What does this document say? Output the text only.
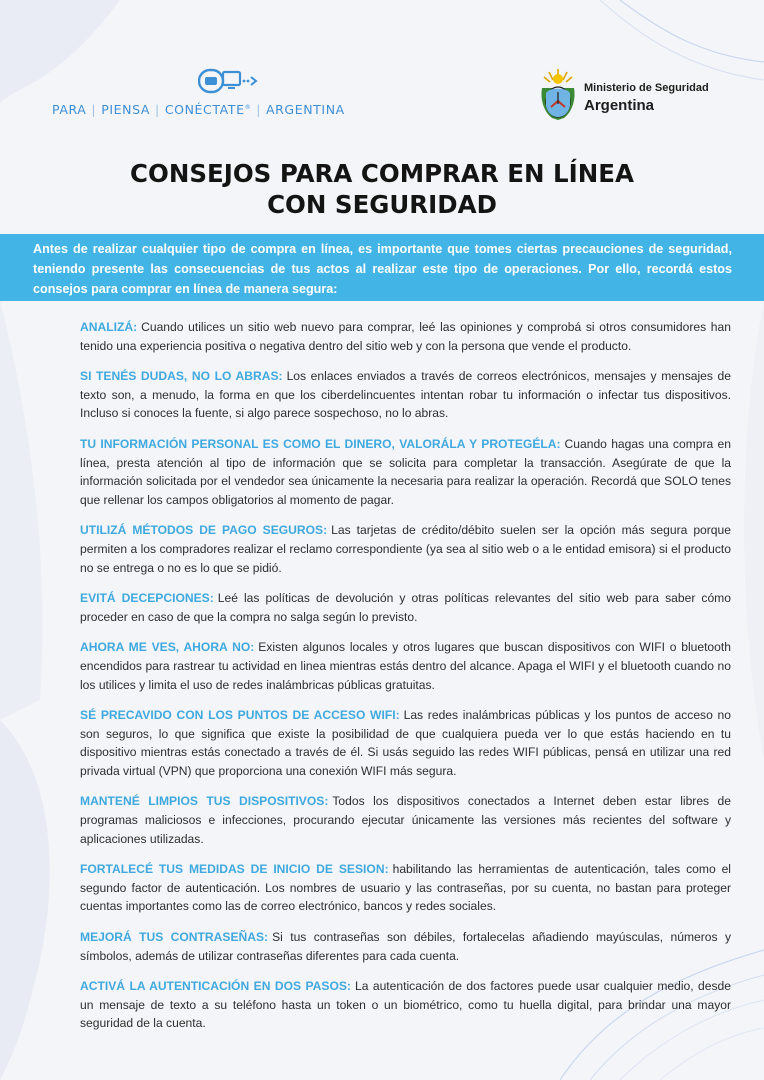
PARA | PIENSA | CONÉCTATE® | ARGENTINA
Ministerio de Seguridad
Argentina
CONSEJOS PARA COMPRAR EN LÍNEA
CON SEGURIDAD
Antes de realizar cualquier tipo de compra en línea, es importante que tomes ciertas precauciones de seguridad, teniendo presente las consecuencias de tus actos al realizar este tipo de operaciones. Por ello, recordá estos consejos para comprar en línea de manera segura:
ANALIZÁ: Cuando utilices un sitio web nuevo para comprar, leé las opiniones y comprobá si otros consumidores han tenido una experiencia positiva o negativa dentro del sitio web y con la persona que vende el producto.
SI TENÉS DUDAS, NO LO ABRAS: Los enlaces enviados a través de correos electrónicos, mensajes y mensajes de texto son, a menudo, la forma en que los ciberdelincuentes intentan robar tu información o infectar tus dispositivos. Incluso si conoces la fuente, si algo parece sospechoso, no lo abras.
TU INFORMACIÓN PERSONAL ES COMO EL DINERO, VALORÁLA Y PROTEGÉLA: Cuando hagas una compra en línea, presta atención al tipo de información que se solicita para completar la transacción. Asegúrate de que la información solicitada por el vendedor sea únicamente la necesaria para realizar la operación. Recordá que SOLO tenes que rellenar los campos obligatorios al momento de pagar.
UTILIZÁ MÉTODOS DE PAGO SEGUROS: Las tarjetas de crédito/débito suelen ser la opción más segura porque permiten a los compradores realizar el reclamo correspondiente (ya sea al sitio web o a le entidad emisora) si el producto no se entrega o no es lo que se pidió.
EVITÁ DECEPCIONES: Leé las políticas de devolución y otras políticas relevantes del sitio web para saber cómo proceder en caso de que la compra no salga según lo previsto.
AHORA ME VES, AHORA NO: Existen algunos locales y otros lugares que buscan dispositivos con WIFI o bluetooth encendidos para rastrear tu actividad en linea mientras estás dentro del alcance. Apaga el WIFI y el bluetooth cuando no los utilices y limita el uso de redes inalámbricas públicas gratuitas.
SÉ PRECAVIDO CON LOS PUNTOS DE ACCESO WIFI: Las redes inalámbricas públicas y los puntos de acceso no son seguros, lo que significa que existe la posibilidad de que cualquiera pueda ver lo que estás haciendo en tu dispositivo mientras estás conectado a través de él. Si usás seguido las redes WIFI públicas, pensá en utilizar una red privada virtual (VPN) que proporciona una conexión WIFI más segura.
MANTENÉ LIMPIOS TUS DISPOSITIVOS: Todos los dispositivos conectados a Internet deben estar libres de programas maliciosos e infecciones, procurando ejecutar únicamente las versiones más recientes del software y aplicaciones utilizadas.
FORTALECÉ TUS MEDIDAS DE INICIO DE SESION: habilitando las herramientas de autenticación, tales como el segundo factor de autenticación. Los nombres de usuario y las contraseñas, por su cuenta, no bastan para proteger cuentas importantes como las de correo electrónico, bancos y redes sociales.
MEJORÁ TUS CONTRASEÑAS: Si tus contraseñas son débiles, fortalecelas añadiendo mayúsculas, números y símbolos, además de utilizar contraseñas diferentes para cada cuenta.
ACTIVÁ LA AUTENTICACIÓN EN DOS PASOS: La autenticación de dos factores puede usar cualquier medio, desde un mensaje de texto a su teléfono hasta un token o un biométrico, como tu huella digital, para brindar una mayor seguridad de la cuenta.
